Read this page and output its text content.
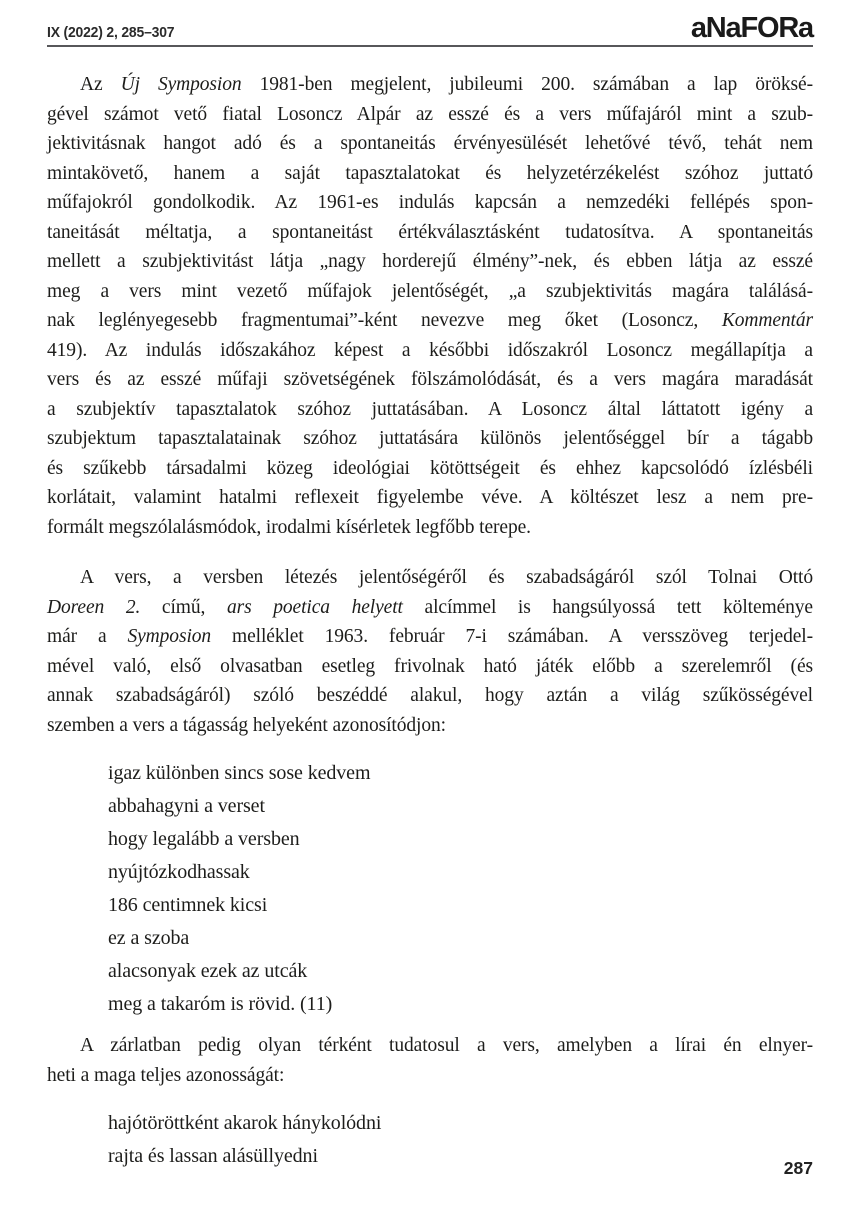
IX (2022) 2, 285–307	aNaFORa
Az Új Symposion 1981-ben megjelent, jubileumi 200. számában a lap öröksé-
gével számot vető fiatal Losoncz Alpár az esszé és a vers műfajáról mint a szub-
jektivitásnak hangot adó és a spontaneitás érvényesülését lehetővé tévő, tehát nem
mintakövető, hanem a saját tapasztalatokat és helyzetérzékelést szóhoz juttató
műfajokról gondolkodik. Az 1961-es indulás kapcsán a nemzedéki fellépés spon-
taneitását méltatja, a spontaneitást értékválasztásként tudatosítva. A spontaneitás
mellett a szubjektivitást látja „nagy horderejű élmény”-nek, és ebben látja az esszé
meg a vers mint vezető műfajok jelentőségét, „a szubjektivitás magára találásá-
nak leglényegesebb fragmentumai”-ként nevezve meg őket (Losoncz, Kommentár
419). Az indulás időszakához képest a későbbi időszakról Losoncz megállapítja a
vers és az esszé műfaji szövetségének fölszámolódását, és a vers magára maradását
a szubjektív tapasztalatok szóhoz juttatásában. A Losoncz által láttatott igény a
szubjektum tapasztalatainak szóhoz juttatására különös jelentőséggel bír a tágabb
és szűkebb társadalmi közeg ideológiai kötöttségeit és ehhez kapcsolódó ízlésbéli
korlátait, valamint hatalmi reflexeit figyelembe véve. A költészet lesz a nem pre-
formált megszólalásmódok, irodalmi kísérletek legfőbb terepe.
A vers, a versben létezés jelentőségéről és szabadságáról szól Tolnai Ottó
Doreen 2. című, ars poetica helyett alcímmel is hangsúlyossá tett költeménye
már a Symposion melléklet 1963. február 7-i számában. A versszöveg terjedel-
mével való, első olvasatban esetleg frivolnak ható játék előbb a szerelemről (és
annak szabadságáról) szóló beszéddé alakul, hogy aztán a világ szűkösségével
szemben a vers a tágasság helyeként azonosítódjon:
igaz különben sincs sose kedvem
abbahagyni a verset
hogy legalább a versben
nyújtózkodhassak
186 centimnek kicsi
ez a szoba
alacsonyak ezek az utcák
meg a takaróm is rövid. (11)
A zárlatban pedig olyan térként tudatosul a vers, amelyben a lírai én elnyer-
heti a maga teljes azonosságát:
hajótöröttként akarok hánykolódni
rajta és lassan alásüllyedni
287
